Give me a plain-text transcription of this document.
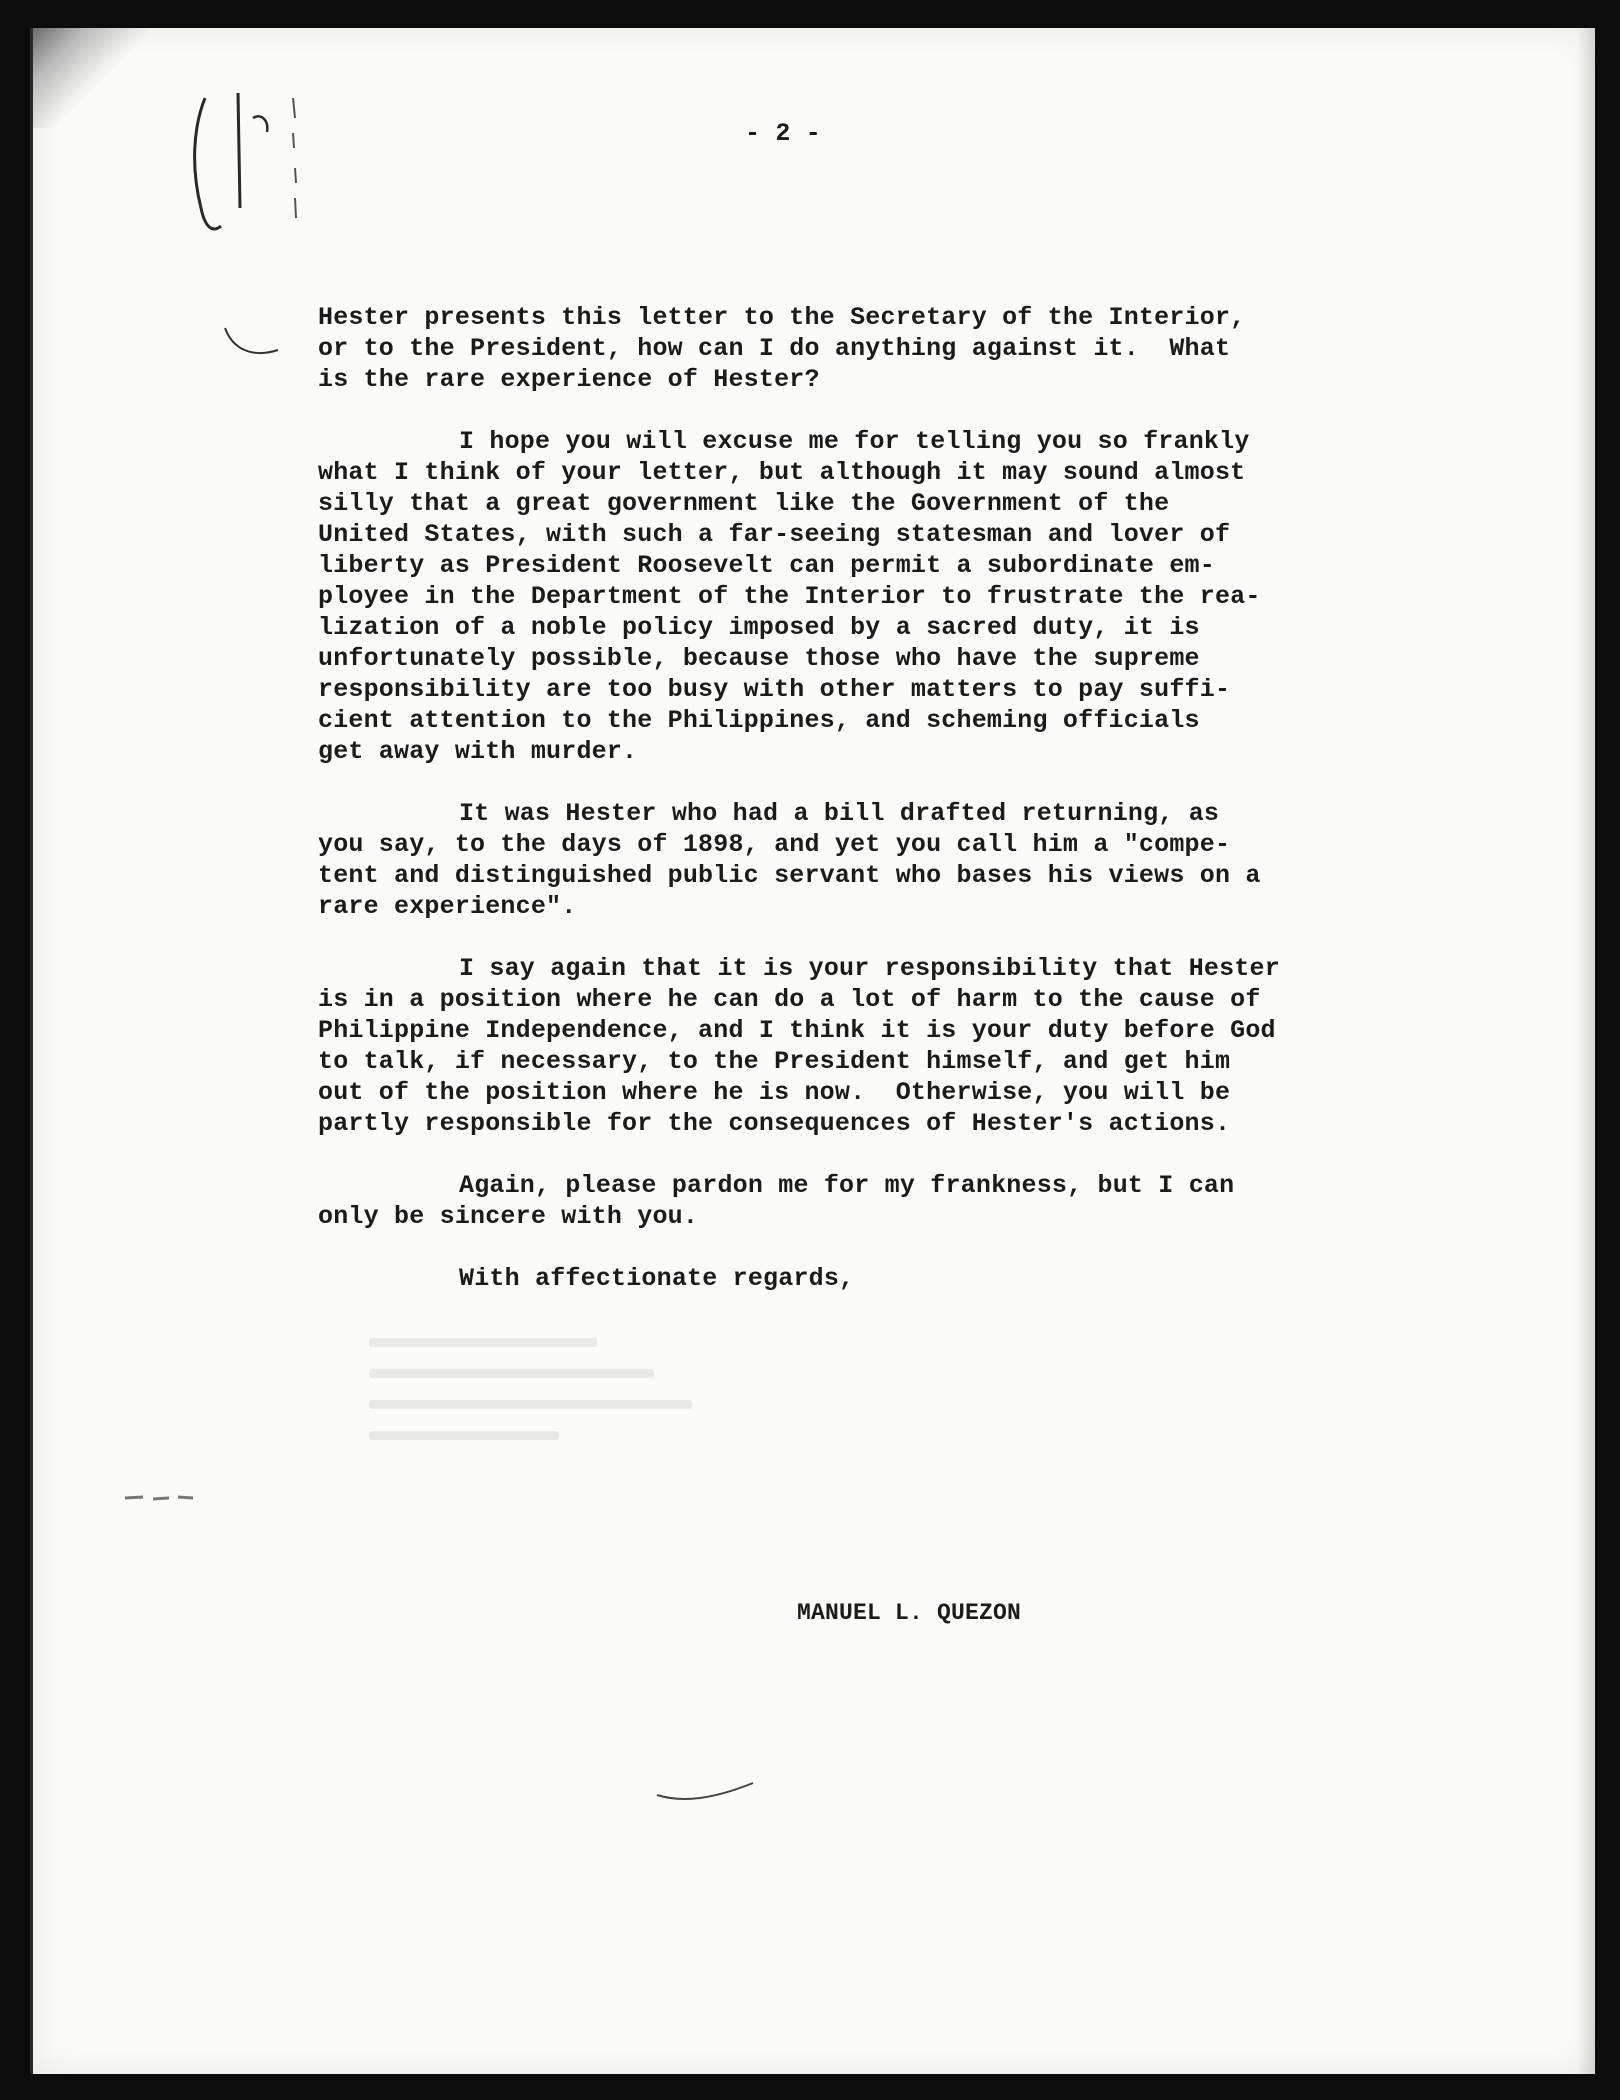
- 2 -

Hester presents this letter to the Secretary of the Interior,
or to the President, how can I do anything against it.  What
is the rare experience of Hester?
I hope you will excuse me for telling you so frankly
what I think of your letter, but although it may sound almost
silly that a great government like the Government of the
United States, with such a far-seeing statesman and lover of
liberty as President Roosevelt can permit a subordinate em-
ployee in the Department of the Interior to frustrate the rea-
lization of a noble policy imposed by a sacred duty, it is
unfortunately possible, because those who have the supreme
responsibility are too busy with other matters to pay suffi-
cient attention to the Philippines, and scheming officials
get away with murder.
It was Hester who had a bill drafted returning, as
you say, to the days of 1898, and yet you call him a "compe-
tent and distinguished public servant who bases his views on a
rare experience".
I say again that it is your responsibility that Hester
is in a position where he can do a lot of harm to the cause of
Philippine Independence, and I think it is your duty before God
to talk, if necessary, to the President himself, and get him
out of the position where he is now.  Otherwise, you will be
partly responsible for the consequences of Hester's actions.
Again, please pardon me for my frankness, but I can
only be sincere with you.

With affectionate regards,

MANUEL L. QUEZON
